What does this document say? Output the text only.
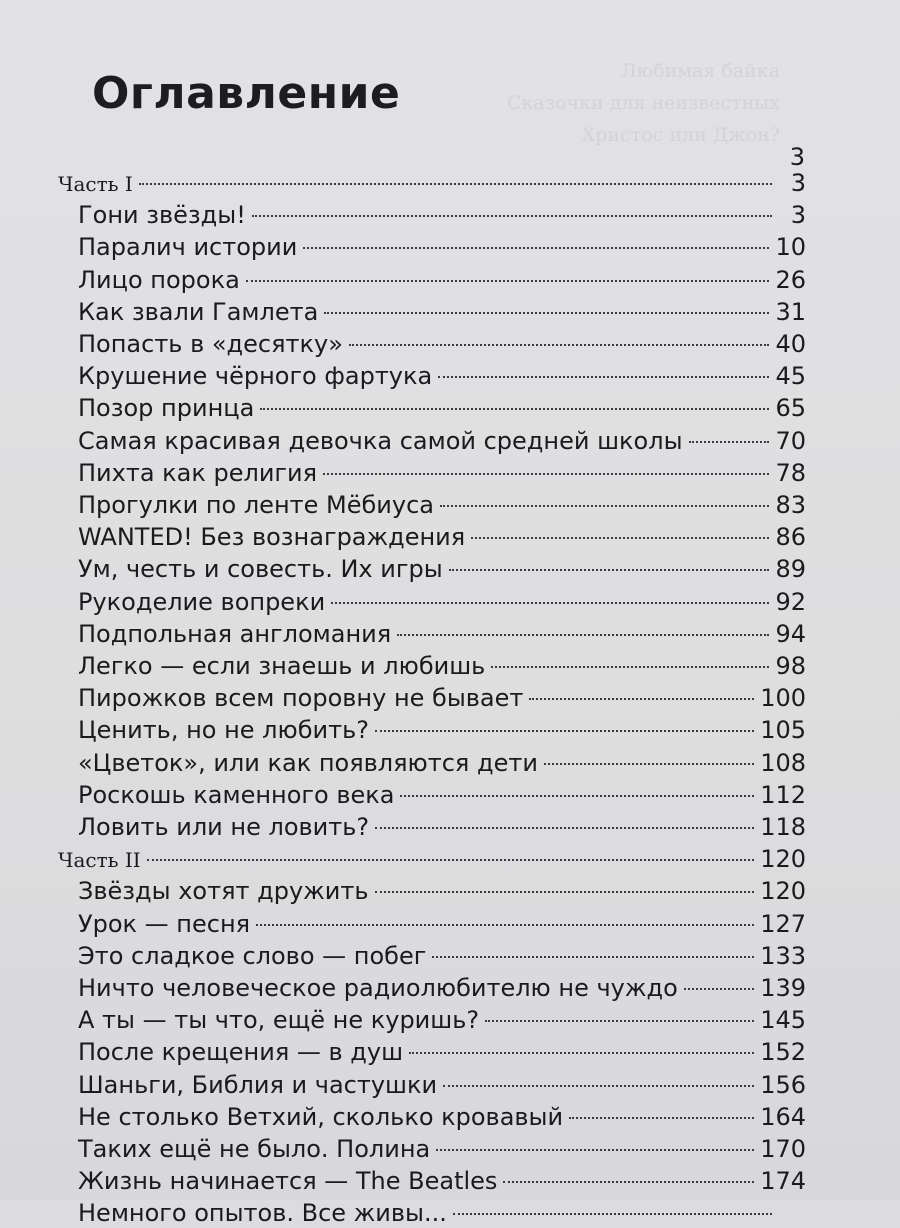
Любимая байка
Сказочки для неизвестных
Христос или Джон?
Оглавление
3
Часть I	3
Гони звёзды!	3
Паралич истории	10
Лицо порока	26
Как звали Гамлета	31
Попасть в «десятку»	40
Крушение чёрного фартука	45
Позор принца	65
Самая красивая девочка самой средней школы	70
Пихта как религия	78
Прогулки по ленте Мёбиуса	83
WANTED! Без вознаграждения	86
Ум, честь и совесть. Их игры	89
Рукоделие вопреки	92
Подпольная англомания	94
Легко — если знаешь и любишь	98
Пирожков всем поровну не бывает	100
Ценить, но не любить?	105
«Цветок», или как появляются дети	108
Роскошь каменного века	112
Ловить или не ловить?	118
Часть II	120
Звёзды хотят дружить	120
Урок — песня	127
Это сладкое слово — побег	133
Ничто человеческое радиолюбителю не чуждо	139
А ты — ты что, ещё не куришь?	145
После крещения — в душ	152
Шаньги, Библия и частушки	156
Не столько Ветхий, сколько кровавый	164
Таких ещё не было. Полина	170
Жизнь начинается — The Beatles	174
Немного опытов. Все живы...
